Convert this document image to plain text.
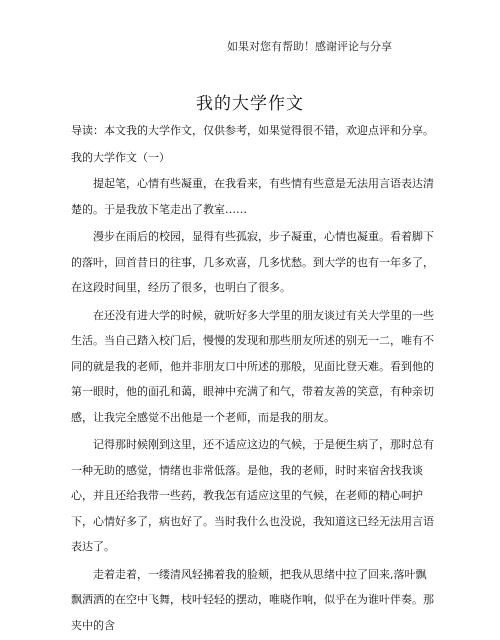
如果对您有帮助！感谢评论与分享
我的大学作文

导读：本文我的大学作文，仅供参考，如果觉得很不错，欢迎点评和分享。

我的大学作文（一）

提起笔，心情有些凝重，在我看来，有些情有些意是无法用言语表达清楚的。于是我放下笔走出了教室……

漫步在雨后的校园，显得有些孤寂，步子凝重，心情也凝重。看着脚下的落叶，回首昔日的往事，几多欢喜，几多忧愁。到大学的也有一年多了，在这段时间里，经历了很多，也明白了很多。

在还没有进大学的时候，就听好多大学里的朋友谈过有关大学里的一些生活。当自己踏入校门后，慢慢的发现和那些朋友所述的别无一二，唯有不同的就是我的老师，他并非朋友口中所述的那般，见面比登天难。看到他的第一眼时，他的面孔和蔼，眼神中充满了和气，带着友善的笑意，有种亲切感，让我完全感觉不出他是一个老师，而是我的朋友。

记得那时候刚到这里，还不适应这边的气候，于是便生病了，那时总有一种无助的感觉，情绪也非常低落。是他，我的老师，时时来宿舍找我谈心，并且还给我带一些药，教我怎有适应这里的气候，在老师的精心呵护下，心情好多了，病也好了。当时我什么也没说，我知道这已经无法用言语表达了。

走着走着，一缕清风轻拂着我的脸颊，把我从思绪中拉了回来,落叶飘飘洒洒的在空中飞舞，枝叶轻轻的摆动，唯晓作响，似乎在为谁叶伴奏。那夹中的含
